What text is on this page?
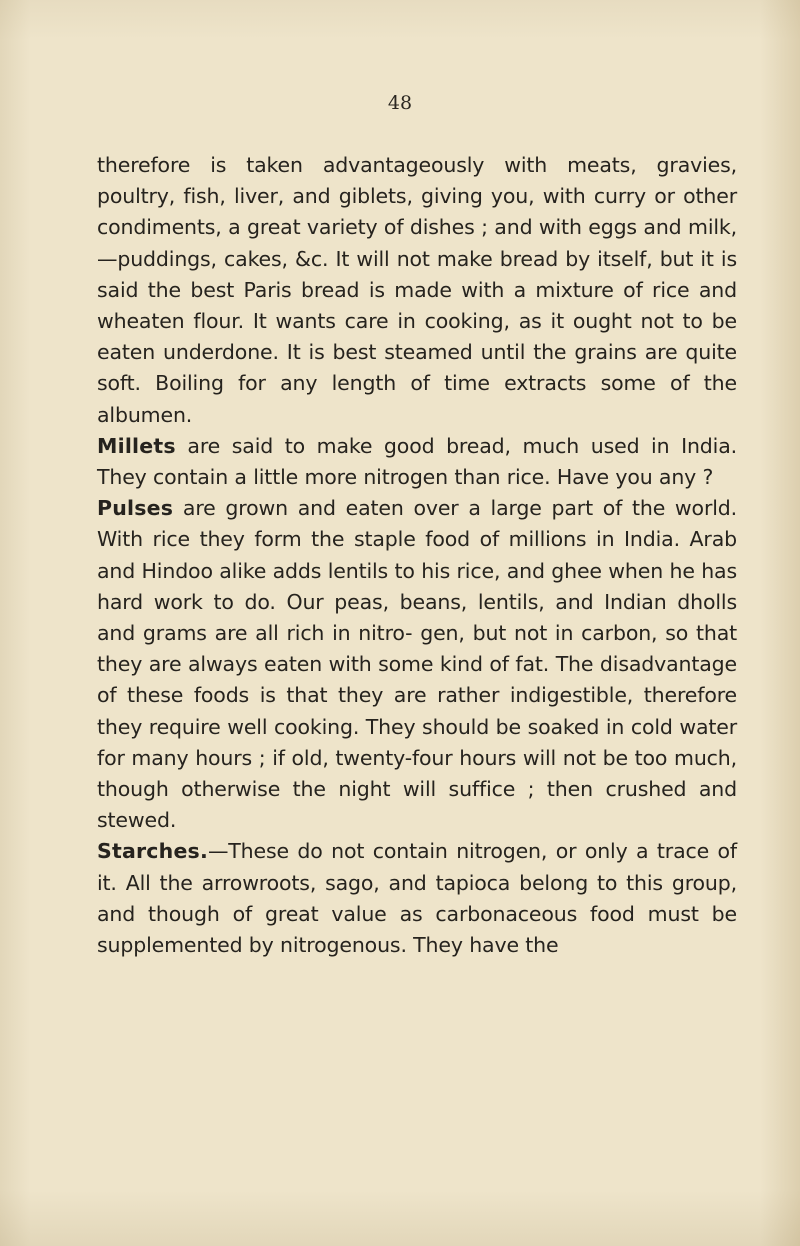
48

therefore is taken advantageously with meats, gravies, poultry, fish, liver, and giblets, giving you, with curry or other condiments, a great variety of dishes ; and with eggs and milk,—puddings, cakes, &c. It will not make bread by itself, but it is said the best Paris bread is made with a mixture of rice and wheaten flour. It wants care in cooking, as it ought not to be eaten underdone. It is best steamed until the grains are quite soft. Boiling for any length of time extracts some of the albumen.

Millets are said to make good bread, much used in India. They contain a little more nitrogen than rice. Have you any ?

Pulses are grown and eaten over a large part of the world. With rice they form the staple food of millions in India. Arab and Hindoo alike adds lentils to his rice, and ghee when he has hard work to do. Our peas, beans, lentils, and Indian dholls and grams are all rich in nitro- gen, but not in carbon, so that they are always eaten with some kind of fat. The disadvantage of these foods is that they are rather indigestible, therefore they require well cooking. They should be soaked in cold water for many hours ; if old, twenty-four hours will not be too much, though otherwise the night will suffice ; then crushed and stewed.

Starches.—These do not contain nitrogen, or only a trace of it. All the arrowroots, sago, and tapioca belong to this group, and though of great value as carbonaceous food must be supplemented by nitrogenous. They have the
